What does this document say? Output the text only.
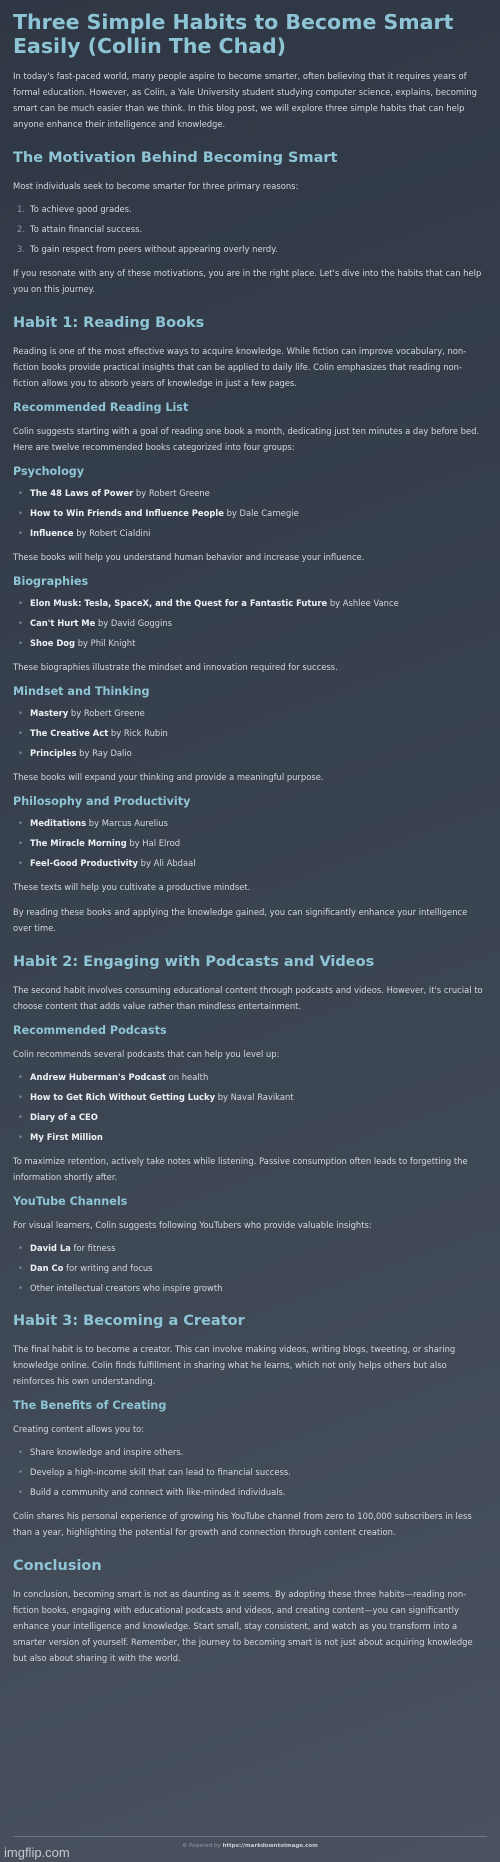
Three Simple Habits to Become Smart Easily (Collin The Chad)

In today's fast-paced world, many people aspire to become smarter, often believing that it requires years of formal education. However, as Colin, a Yale University student studying computer science, explains, becoming smart can be much easier than we think. In this blog post, we will explore three simple habits that can help anyone enhance their intelligence and knowledge.

The Motivation Behind Becoming Smart

Most individuals seek to become smarter for three primary reasons:

1. To achieve good grades.
2. To attain financial success.
3. To gain respect from peers without appearing overly nerdy.

If you resonate with any of these motivations, you are in the right place. Let's dive into the habits that can help you on this journey.

Habit 1: Reading Books

Reading is one of the most effective ways to acquire knowledge. While fiction can improve vocabulary, non-fiction books provide practical insights that can be applied to daily life. Colin emphasizes that reading non-fiction allows you to absorb years of knowledge in just a few pages.

Recommended Reading List

Colin suggests starting with a goal of reading one book a month, dedicating just ten minutes a day before bed. Here are twelve recommended books categorized into four groups:

Psychology
• The 48 Laws of Power by Robert Greene
• How to Win Friends and Influence People by Dale Carnegie
• Influence by Robert Cialdini

These books will help you understand human behavior and increase your influence.

Biographies
• Elon Musk: Tesla, SpaceX, and the Quest for a Fantastic Future by Ashlee Vance
• Can't Hurt Me by David Goggins
• Shoe Dog by Phil Knight

These biographies illustrate the mindset and innovation required for success.

Mindset and Thinking
• Mastery by Robert Greene
• The Creative Act by Rick Rubin
• Principles by Ray Dalio

These books will expand your thinking and provide a meaningful purpose.

Philosophy and Productivity
• Meditations by Marcus Aurelius
• The Miracle Morning by Hal Elrod
• Feel-Good Productivity by Ali Abdaal

These texts will help you cultivate a productive mindset.

By reading these books and applying the knowledge gained, you can significantly enhance your intelligence over time.

Habit 2: Engaging with Podcasts and Videos

The second habit involves consuming educational content through podcasts and videos. However, it's crucial to choose content that adds value rather than mindless entertainment.

Recommended Podcasts

Colin recommends several podcasts that can help you level up:

• Andrew Huberman's Podcast on health
• How to Get Rich Without Getting Lucky by Naval Ravikant
• Diary of a CEO
• My First Million

To maximize retention, actively take notes while listening. Passive consumption often leads to forgetting the information shortly after.

YouTube Channels

For visual learners, Colin suggests following YouTubers who provide valuable insights:

• David La for fitness
• Dan Co for writing and focus
• Other intellectual creators who inspire growth
Habit 3: Becoming a Creator

The final habit is to become a creator. This can involve making videos, writing blogs, tweeting, or sharing knowledge online. Colin finds fulfillment in sharing what he learns, which not only helps others but also reinforces his own understanding.

The Benefits of Creating

Creating content allows you to:

• Share knowledge and inspire others.
• Develop a high-income skill that can lead to financial success.
• Build a community and connect with like-minded individuals.

Colin shares his personal experience of growing his YouTube channel from zero to 100,000 subscribers in less than a year, highlighting the potential for growth and connection through content creation.

Conclusion

In conclusion, becoming smart is not as daunting as it seems. By adopting these three habits—reading non-fiction books, engaging with educational podcasts and videos, and creating content—you can significantly enhance your intelligence and knowledge. Start small, stay consistent, and watch as you transform into a smarter version of yourself. Remember, the journey to becoming smart is not just about acquiring knowledge but also about sharing it with the world.

⚙ Powered by https://markdowntoimage.com
imgflip.com
